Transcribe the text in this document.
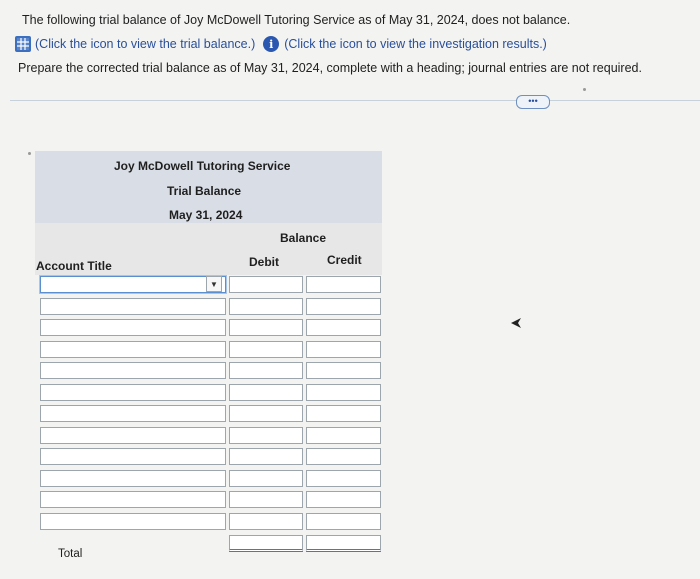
The following trial balance of Joy McDowell Tutoring Service as of May 31, 2024, does not balance.
(Click the icon to view the trial balance.)	i (Click the icon to view the investigation results.)
Prepare the corrected trial balance as of May 31, 2024, complete with a heading; journal entries are not required.
•••
Joy McDowell Tutoring Service
Trial Balance
May 31, 2024
Balance
Account Title	Debit	Credit
▼
Total
